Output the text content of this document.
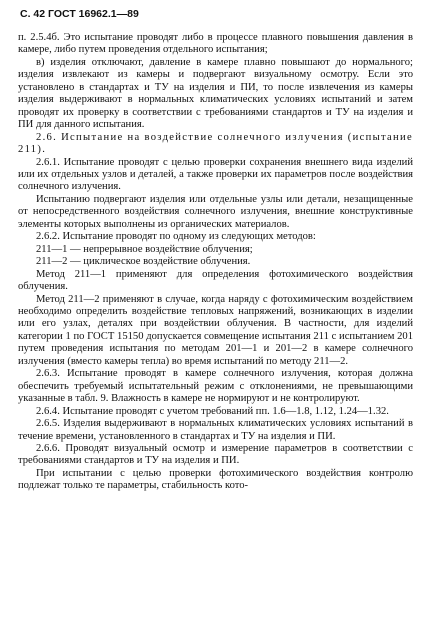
С. 42 ГОСТ 16962.1—89

п. 2.5.4б. Это испытание проводят либо в процессе плавного повышения давления в камере, либо путем проведения отдельного испытания;

в) изделия отключают, давление в камере плавно повышают до нормального; изделия извлекают из камеры и подвергают визуальному осмотру. Если это установлено в стандартах и ТУ на изделия и ПИ, то после извлечения из камеры изделия выдерживают в нормальных климатических условиях испытаний и затем проводят их проверку в соответствии с требованиями стандартов и ТУ на изделия и ПИ для данного испытания.

2.6. Испытание на воздействие солнечного излучения (испытание 211).

2.6.1. Испытание проводят с целью проверки сохранения внешнего вида изделий или их отдельных узлов и деталей, а также проверки их параметров после воздействия солнечного излучения.

Испытанию подвергают изделия или отдельные узлы или детали, незащищенные от непосредственного воздействия солнечного излучения, внешние конструктивные элементы которых выполнены из органических материалов.

2.6.2. Испытание проводят по одному из следующих методов:

211—1 — непрерывное воздействие облучения;

211—2 — циклическое воздействие облучения.

Метод 211—1 применяют для определения фотохимического воздействия облучения.

Метод 211—2 применяют в случае, когда наряду с фотохимическим воздействием необходимо определить воздействие тепловых напряжений, возникающих в изделии или его узлах, деталях при воздействии облучения. В частности, для изделий категории 1 по ГОСТ 15150 допускается совмещение испытания 211 с испытанием 201 путем проведения испытания по методам 201—1 и 201—2 в камере солнечного излучения (вместо камеры тепла) во время испытаний по методу 211—2.

2.6.3. Испытание проводят в камере солнечного излучения, которая должна обеспечить требуемый испытательный режим с отклонениями, не превышающими указанные в табл. 9. Влажность в камере не нормируют и не контролируют.

2.6.4. Испытание проводят с учетом требований пп. 1.6—1.8, 1.12, 1.24—1.32.

2.6.5. Изделия выдерживают в нормальных климатических условиях испытаний в течение времени, установленного в стандартах и ТУ на изделия и ПИ.

2.6.6. Проводят визуальный осмотр и измерение параметров в соответствии с требованиями стандартов и ТУ на изделия и ПИ.

При испытании с целью проверки фотохимического воздействия контролю подлежат только те параметры, стабильность кото-
